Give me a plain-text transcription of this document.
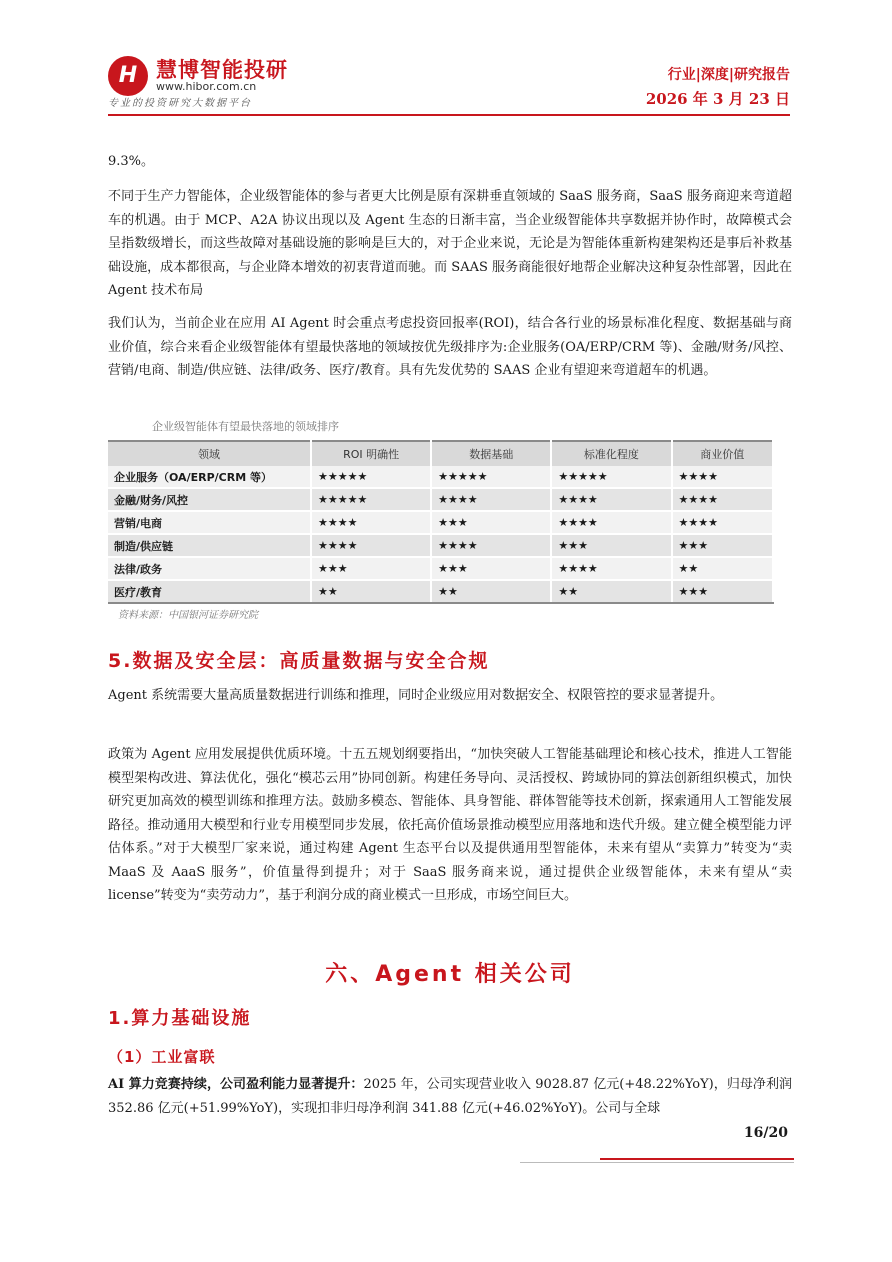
H 慧博智能投研
www.hibor.com.cn
专业的投资研究大数据平台
行业|深度|研究报告
2026 年 3 月 23 日

9.3%。

不同于生产力智能体，企业级智能体的参与者更大比例是原有深耕垂直领域的 SaaS 服务商，SaaS 服务商迎来弯道超车的机遇。由于 MCP、A2A 协议出现以及 Agent 生态的日渐丰富，当企业级智能体共享数据并协作时，故障模式会呈指数级增长，而这些故障对基础设施的影响是巨大的，对于企业来说，无论是为智能体重新构建架构还是事后补救基础设施，成本都很高，与企业降本增效的初衷背道而驰。而 SAAS 服务商能很好地帮企业解决这种复杂性部署，因此在 Agent 技术布局

我们认为，当前企业在应用 AI Agent 时会重点考虑投资回报率(ROI)，结合各行业的场景标准化程度、数据基础与商业价值，综合来看企业级智能体有望最快落地的领域按优先级排序为:企业服务(OA/ERP/CRM 等)、金融/财务/风控、营销/电商、制造/供应链、法律/政务、医疗/教育。具有先发优势的 SAAS 企业有望迎来弯道超车的机遇。

企业级智能体有望最快落地的领域排序
领域	ROI 明确性	数据基础	标准化程度	商业价值
企业服务（OA/ERP/CRM 等）	★★★★★	★★★★★	★★★★★	★★★★
金融/财务/风控	★★★★★	★★★★	★★★★	★★★★
营销/电商	★★★★	★★★	★★★★	★★★★
制造/供应链	★★★★	★★★★	★★★	★★★
法律/政务	★★★	★★★	★★★★	★★
医疗/教育	★★	★★	★★	★★★
资料来源：中国银河证券研究院
5.数据及安全层：高质量数据与安全合规

Agent 系统需要大量高质量数据进行训练和推理，同时企业级应用对数据安全、权限管控的要求显著提升。

政策为 Agent 应用发展提供优质环境。十五五规划纲要指出，“加快突破人工智能基础理论和核心技术，推进人工智能模型架构改进、算法优化，强化“模芯云用”协同创新。构建任务导向、灵活授权、跨域协同的算法创新组织模式，加快研究更加高效的模型训练和推理方法。鼓励多模态、智能体、具身智能、群体智能等技术创新，探索通用人工智能发展路径。推动通用大模型和行业专用模型同步发展，依托高价值场景推动模型应用落地和迭代升级。建立健全模型能力评估体系。”对于大模型厂家来说，通过构建 Agent 生态平台以及提供通用型智能体，未来有望从“卖算力”转变为“卖 MaaS 及 AaaS 服务”，价值量得到提升；对于 SaaS 服务商来说，通过提供企业级智能体，未来有望从“卖 license”转变为“卖劳动力”，基于利润分成的商业模式一旦形成，市场空间巨大。

六、Agent 相关公司
1.算力基础设施
（1）工业富联

AI 算力竞赛持续，公司盈利能力显著提升：2025 年，公司实现营业收入 9028.87 亿元(+48.22%YoY)，归母净利润 352.86 亿元(+51.99%YoY)，实现扣非归母净利润 341.88 亿元(+46.02%YoY)。公司与全球

16/20
